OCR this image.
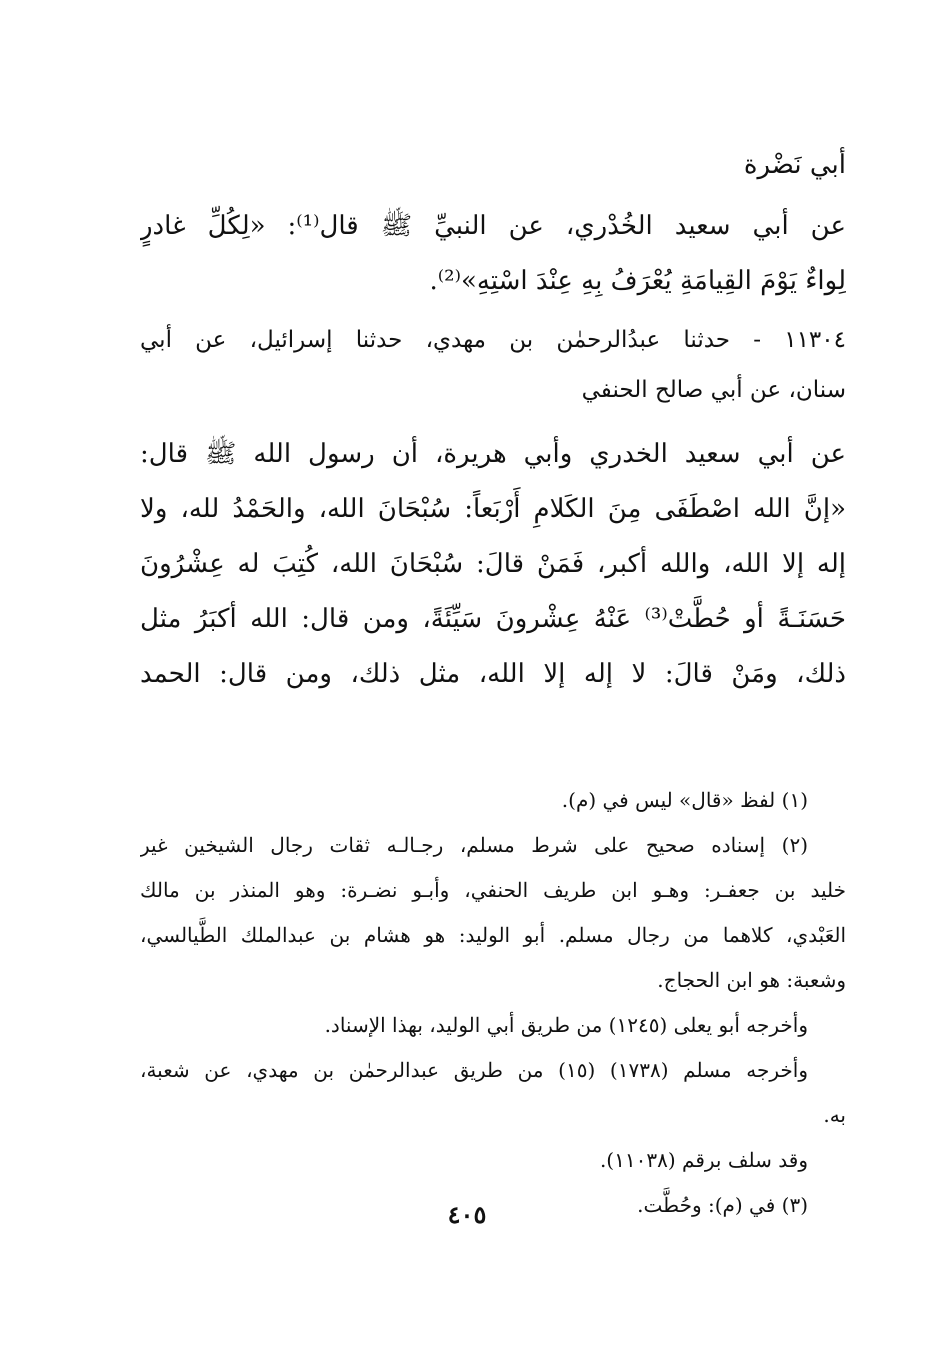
أبي نَضْرة

عن أبي سعيد الخُدْري، عن النبيِّ ﷺ قال⁽¹⁾: «لِكُلِّ غادرٍ
لِواءٌ يَوْمَ القِيامَةِ يُعْرَفُ بِهِ عِنْدَ اسْتِهِ»⁽²⁾.

١١٣٠٤ - حدثنا عبدُالرحمٰن بن مهدي، حدثنا إسرائيل، عن أبي
سنان، عن أبي صالح الحنفي

عن أبي سعيد الخدري وأبي هريرة، أن رسول الله ﷺ قال:
«إنَّ الله اصْطَفَى مِنَ الكَلامِ أَرْبَعاً: سُبْحَانَ الله، والحَمْدُ لله، ولا
إله إلا الله، والله أكبر، فَمَنْ قالَ: سُبْحَانَ الله، كُتِبَ له عِشْرُونَ
حَسَنَـةً أو حُطَّتْ⁽³⁾ عَنْهُ عِشْرونَ سَيِّئَةً، ومن قال: الله أكبَرُ مثل
ذلك، ومَنْ قالَ: لا إله إلا الله، مثل ذلك، ومن قال: الحمد

(١) لفظ «قال» ليس في (م).
(٢) إسناده صحيح على شرط مسلم، رجـالـه ثقات رجال الشيخين غير
خليد بن جعفـر: وهـو ابن طريف الحنفي، وأبـو نضـرة: وهو المنذر بن مالك
العَبْدي، كلاهما من رجال مسلم. أبو الوليد: هو هشام بن عبدالملك الطَّيالسي،
وشعبة: هو ابن الحجاج.
وأخرجه أبو يعلى (١٢٤٥) من طريق أبي الوليد، بهذا الإسناد.
وأخرجه مسلم (١٧٣٨) (١٥) من طريق عبدالرحمٰن بن مهدي، عن شعبة،
به.
وقد سلف برقم (١١٠٣٨).
(٣) في (م): وحُطَّت.
٤٠٥
